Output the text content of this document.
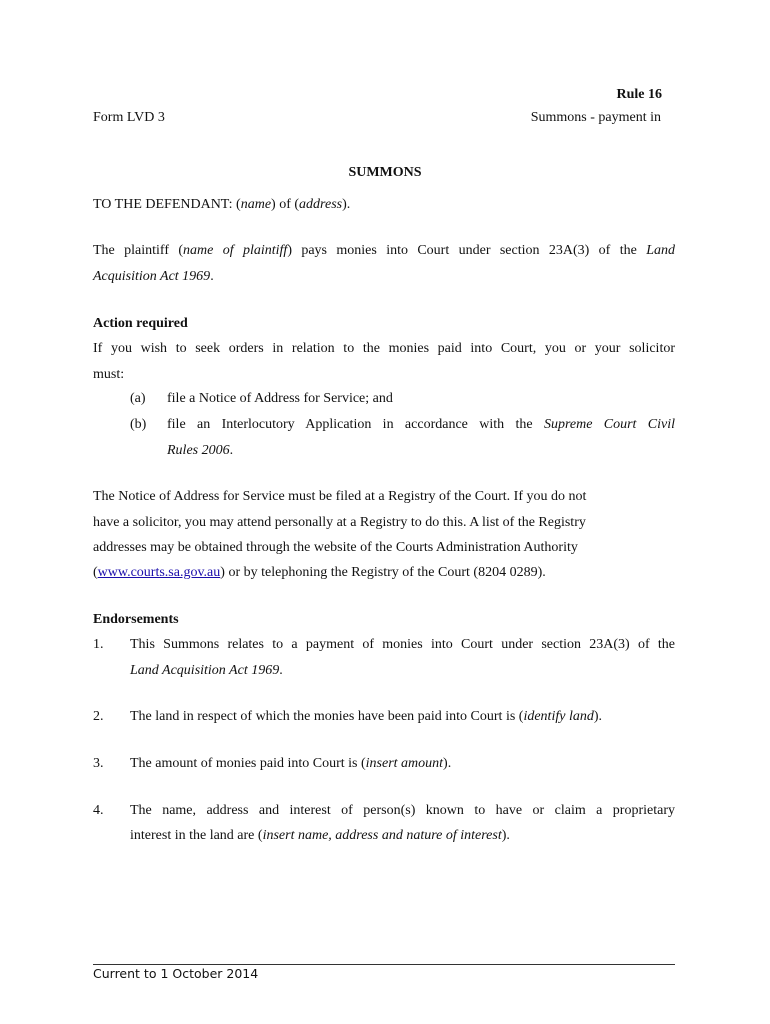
Rule 16
Form LVD 3	Summons - payment in
SUMMONS
TO THE DEFENDANT: (name) of (address).
The plaintiff (name of plaintiff) pays monies into Court under section 23A(3) of the Land
Acquisition Act 1969.
Action required
If you wish to seek orders in relation to the monies paid into Court, you or your solicitor
must:
(a) file a Notice of Address for Service; and
(b) file an Interlocutory Application in accordance with the Supreme Court Civil
Rules 2006.
The Notice of Address for Service must be filed at a Registry of the Court. If you do not
have a solicitor, you may attend personally at a Registry to do this. A list of the Registry
addresses may be obtained through the website of the Courts Administration Authority
(www.courts.sa.gov.au) or by telephoning the Registry of the Court (8204 0289).
Endorsements
1. This Summons relates to a payment of monies into Court under section 23A(3) of the
Land Acquisition Act 1969.
2. The land in respect of which the monies have been paid into Court is (identify land).
3. The amount of monies paid into Court is (insert amount).
4. The name, address and interest of person(s) known to have or claim a proprietary
interest in the land are (insert name, address and nature of interest).
Current to 1 October 2014
